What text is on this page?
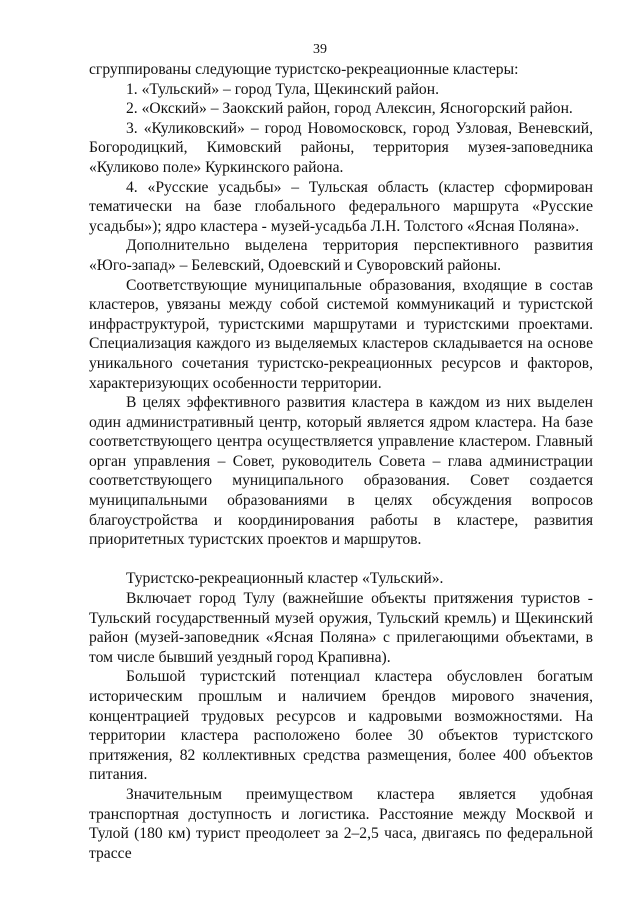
39

сгруппированы следующие туристско-рекреационные кластеры:

1. «Тульский» – город Тула, Щекинский район.

2. «Окский» – Заокский район, город Алексин, Ясногорский район.

3. «Куликовский» – город Новомосковск, город Узловая, Веневский, Богородицкий, Кимовский районы, территория музея-заповедника «Куликово поле» Куркинского района.

4. «Русские усадьбы» – Тульская область (кластер сформирован тематически на базе глобального федерального маршрута «Русские усадьбы»); ядро кластера - музей-усадьба Л.Н. Толстого «Ясная Поляна».

Дополнительно выделена территория перспективного развития «Юго-запад» – Белевский, Одоевский и Суворовский районы.

Соответствующие муниципальные образования, входящие в состав кластеров, увязаны между собой системой коммуникаций и туристской инфраструктурой, туристскими маршрутами и туристскими проектами. Специализация каждого из выделяемых кластеров складывается на основе уникального сочетания туристско-рекреационных ресурсов и факторов, характеризующих особенности территории.

В целях эффективного развития кластера в каждом из них выделен один административный центр, который является ядром кластера. На базе соответствующего центра осуществляется управление кластером. Главный орган управления – Совет, руководитель Совета – глава администрации соответствующего муниципального образования. Совет создается муниципальными образованиями в целях обсуждения вопросов благоустройства и координирования работы в кластере, развития приоритетных туристских проектов и маршрутов.

Туристско-рекреационный кластер «Тульский».

Включает город Тулу (важнейшие объекты притяжения туристов - Тульский государственный музей оружия, Тульский кремль) и Щекинский район (музей-заповедник «Ясная Поляна» с прилегающими объектами, в том числе бывший уездный город Крапивна).

Большой туристский потенциал кластера обусловлен богатым историческим прошлым и наличием брендов мирового значения, концентрацией трудовых ресурсов и кадровыми возможностями. На территории кластера расположено более 30 объектов туристского притяжения, 82 коллективных средства размещения, более 400 объектов питания.

Значительным преимуществом кластера является удобная транспортная доступность и логистика. Расстояние между Москвой и Тулой (180 км) турист преодолеет за 2–2,5 часа, двигаясь по федеральной трассе
